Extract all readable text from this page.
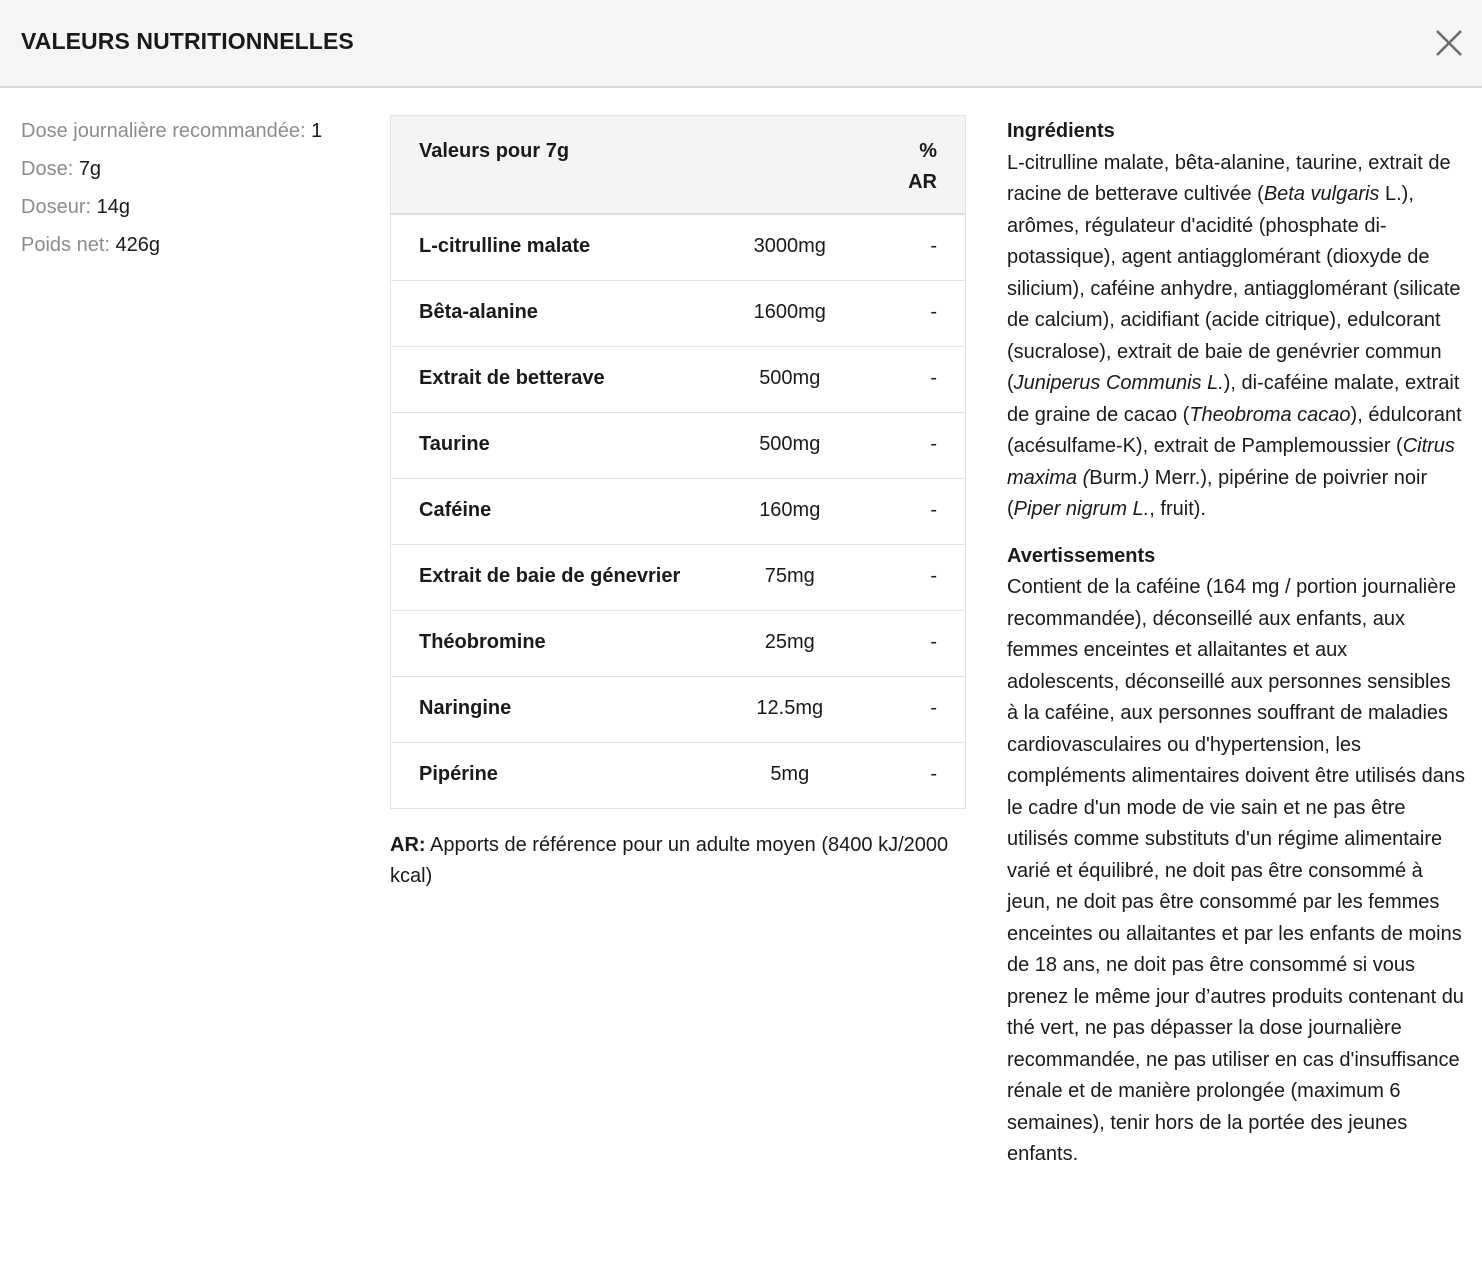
VALEURS NUTRITIONNELLES
Dose journalière recommandée: 1
Dose: 7g
Doseur: 14g
Poids net: 426g
Valeurs pour 7g		%
AR
L-citrulline malate	3000mg	-
Bêta-alanine	1600mg	-
Extrait de betterave	500mg	-
Taurine	500mg	-
Caféine	160mg	-
Extrait de baie de génevrier	75mg	-
Théobromine	25mg	-
Naringine	12.5mg	-
Pipérine	5mg	-
AR: Apports de référence pour un adulte moyen (8400 kJ/2000 kcal)
Ingrédients
L-citrulline malate, bêta-alanine, taurine, extrait de racine de betterave cultivée (Beta vulgaris L.), arômes, régulateur d'acidité (phosphate di-potassique), agent antiagglomérant (dioxyde de silicium), caféine anhydre, antiagglomérant (silicate de calcium), acidifiant (acide citrique), edulcorant (sucralose), extrait de baie de genévrier commun (Juniperus Communis L.), di-caféine malate, extrait de graine de cacao (Theobroma cacao), édulcorant (acésulfame-K), extrait de Pamplemoussier (Citrus maxima (Burm.) Merr.), pipérine de poivrier noir (Piper nigrum L., fruit).
Avertissements
Contient de la caféine (164 mg / portion journalière recommandée), déconseillé aux enfants, aux femmes enceintes et allaitantes et aux adolescents, déconseillé aux personnes sensibles à la caféine, aux personnes souffrant de maladies cardiovasculaires ou d'hypertension, les compléments alimentaires doivent être utilisés dans le cadre d'un mode de vie sain et ne pas être utilisés comme substituts d'un régime alimentaire varié et équilibré, ne doit pas être consommé à jeun, ne doit pas être consommé par les femmes enceintes ou allaitantes et par les enfants de moins de 18 ans, ne doit pas être consommé si vous prenez le même jour d’autres produits contenant du thé vert, ne pas dépasser la dose journalière recommandée, ne pas utiliser en cas d'insuffisance rénale et de manière prolongée (maximum 6 semaines), tenir hors de la portée des jeunes enfants.
